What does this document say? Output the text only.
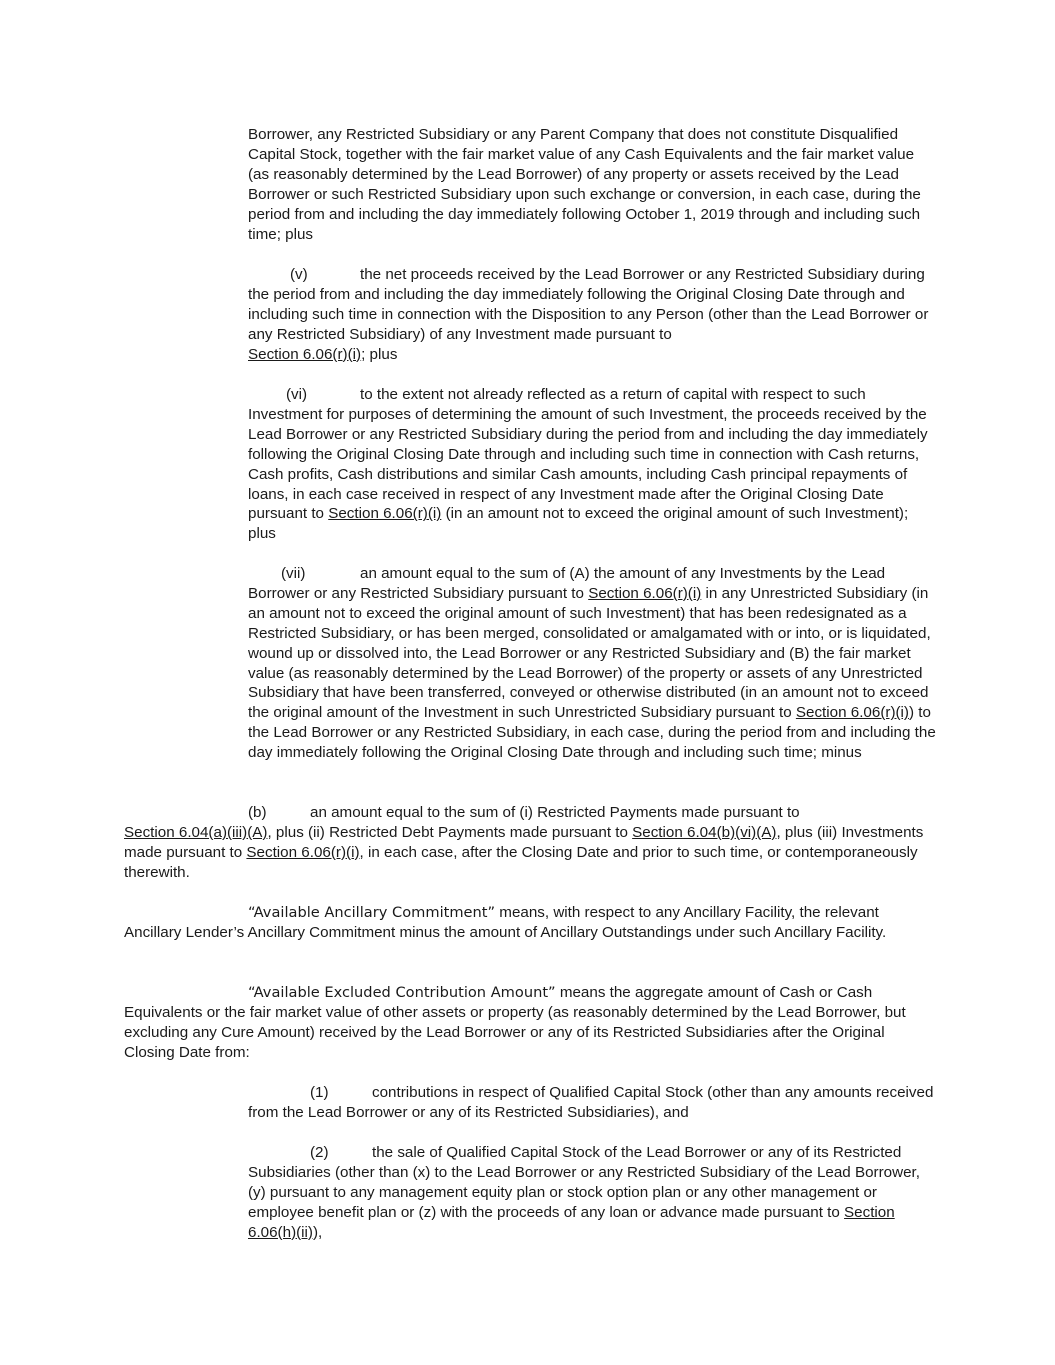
Borrower, any Restricted Subsidiary or any Parent Company that does not constitute Disqualified Capital Stock, together with the fair market value of any Cash Equivalents and the fair market value (as reasonably determined by the Lead Borrower) of any property or assets received by the Lead Borrower or such Restricted Subsidiary upon such exchange or conversion, in each case, during the period from and including the day immediately following October 1, 2019 through and including such time; plus

(v)	the net proceeds received by the Lead Borrower or any Restricted Subsidiary during the period from and including the day immediately following the Original Closing Date through and including such time in connection with the Disposition to any Person (other than the Lead Borrower or any Restricted Subsidiary) of any Investment made pursuant to
Section 6.06(r)(i); plus

(vi)	to the extent not already reflected as a return of capital with respect to such Investment for purposes of determining the amount of such Investment, the proceeds received by the Lead Borrower or any Restricted Subsidiary during the period from and including the day immediately following the Original Closing Date through and including such time in connection with Cash returns, Cash profits, Cash distributions and similar Cash amounts, including Cash principal repayments of loans, in each case received in respect of any Investment made after the Original Closing Date pursuant to Section 6.06(r)(i) (in an amount not to exceed the original amount of such Investment); plus

(vii)	an amount equal to the sum of (A) the amount of any Investments by the Lead Borrower or any Restricted Subsidiary pursuant to Section 6.06(r)(i) in any Unrestricted Subsidiary (in an amount not to exceed the original amount of such Investment) that has been redesignated as a Restricted Subsidiary, or has been merged, consolidated or amalgamated with or into, or is liquidated, wound up or dissolved into, the Lead Borrower or any Restricted Subsidiary and (B) the fair market value (as reasonably determined by the Lead Borrower) of the property or assets of any Unrestricted Subsidiary that have been transferred, conveyed or otherwise distributed (in an amount not to exceed the original amount of the Investment in such Unrestricted Subsidiary pursuant to Section 6.06(r)(i)) to the Lead Borrower or any Restricted Subsidiary, in each case, during the period from and including the day immediately following the Original Closing Date through and including such time; minus

(b)	an amount equal to the sum of (i) Restricted Payments made pursuant to
Section 6.04(a)(iii)(A), plus (ii) Restricted Debt Payments made pursuant to Section 6.04(b)(vi)(A), plus (iii) Investments made pursuant to Section 6.06(r)(i), in each case, after the Closing Date and prior to such time, or contemporaneously therewith.

“Available Ancillary Commitment” means, with respect to any Ancillary Facility, the relevant Ancillary Lender’s Ancillary Commitment minus the amount of Ancillary Outstandings under such Ancillary Facility.

“Available Excluded Contribution Amount” means the aggregate amount of Cash or Cash Equivalents or the fair market value of other assets or property (as reasonably determined by the Lead Borrower, but excluding any Cure Amount) received by the Lead Borrower or any of its Restricted Subsidiaries after the Original Closing Date from:

(1)	contributions in respect of Qualified Capital Stock (other than any amounts received from the Lead Borrower or any of its Restricted Subsidiaries), and

(2)	the sale of Qualified Capital Stock of the Lead Borrower or any of its Restricted Subsidiaries (other than (x) to the Lead Borrower or any Restricted Subsidiary of the Lead Borrower, (y) pursuant to any management equity plan or stock option plan or any other management or employee benefit plan or (z) with the proceeds of any loan or advance made pursuant to Section 6.06(h)(ii)),
